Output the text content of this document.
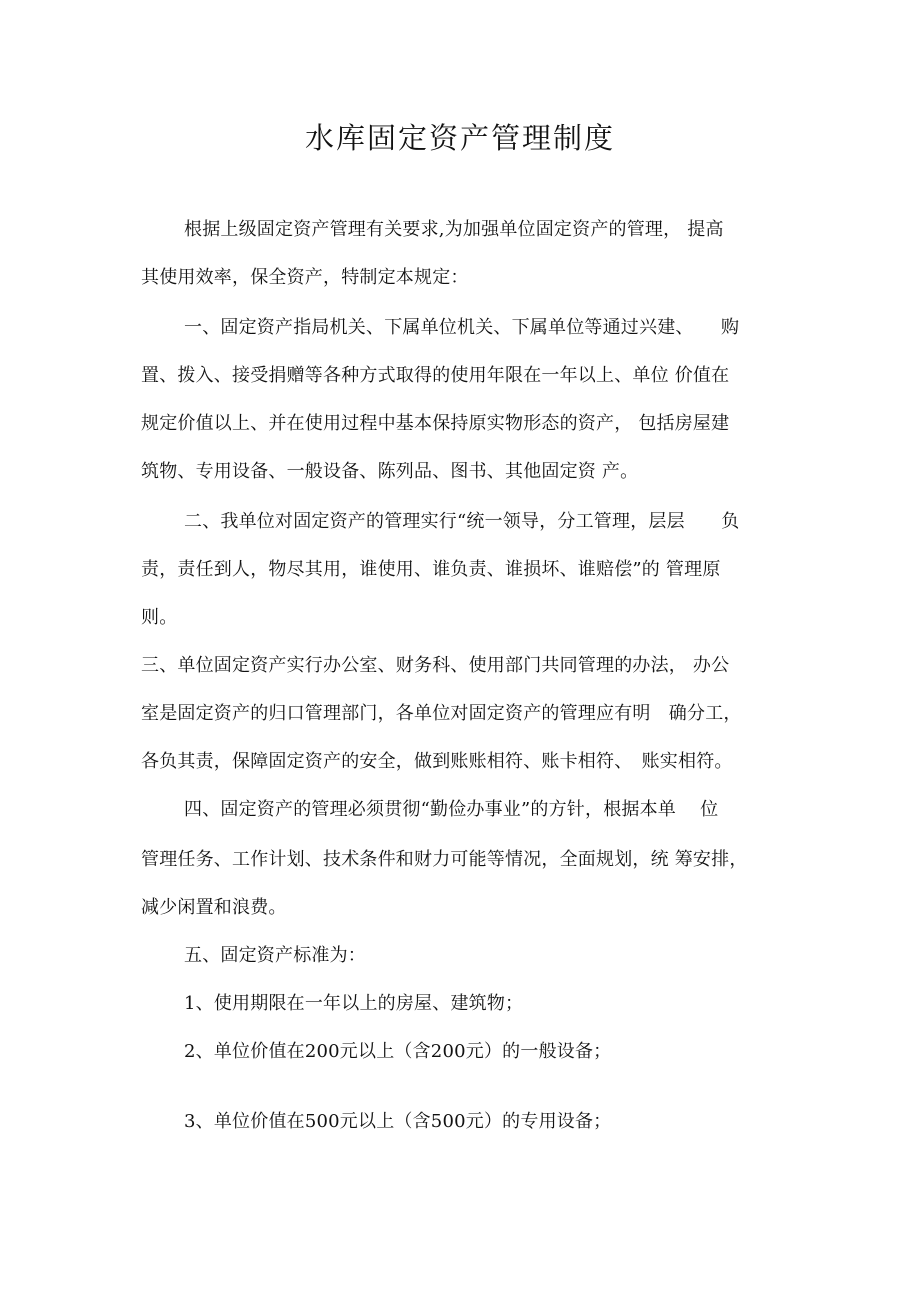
水库固定资产管理制度
根据上级固定资产管理有关要求,为加强单位固定资产的管理， 提高
其使用效率，保全资产，特制定本规定：
一、固定资产指局机关、下属单位机关、下属单位等通过兴建、　　购
置、拨入、接受捐赠等各种方式取得的使用年限在一年以上、单位 价值在
规定价值以上、并在使用过程中基本保持原实物形态的资产， 包括房屋建
筑物、专用设备、一般设备、陈列品、图书、其他固定资 产。
二、我单位对固定资产的管理实行“统一领导，分工管理，层层　　负
责，责任到人，物尽其用，谁使用、谁负责、谁损坏、谁赔偿”的 管理原
则。
三、单位固定资产实行办公室、财务科、使用部门共同管理的办法， 办公
室是固定资产的归口管理部门，各单位对固定资产的管理应有明　确分工，
各负其责，保障固定资产的安全，做到账账相符、账卡相符、　账实相符。
四、固定资产的管理必须贯彻“勤俭办事业”的方针，根据本单　 位
管理任务、工作计划、技术条件和财力可能等情况，全面规划，统 筹安排，
减少闲置和浪费。
五、固定资产标准为：
1、使用期限在一年以上的房屋、建筑物；
2、单位价值在200元以上（含200元）的一般设备；
3、单位价值在500元以上（含500元）的专用设备；
